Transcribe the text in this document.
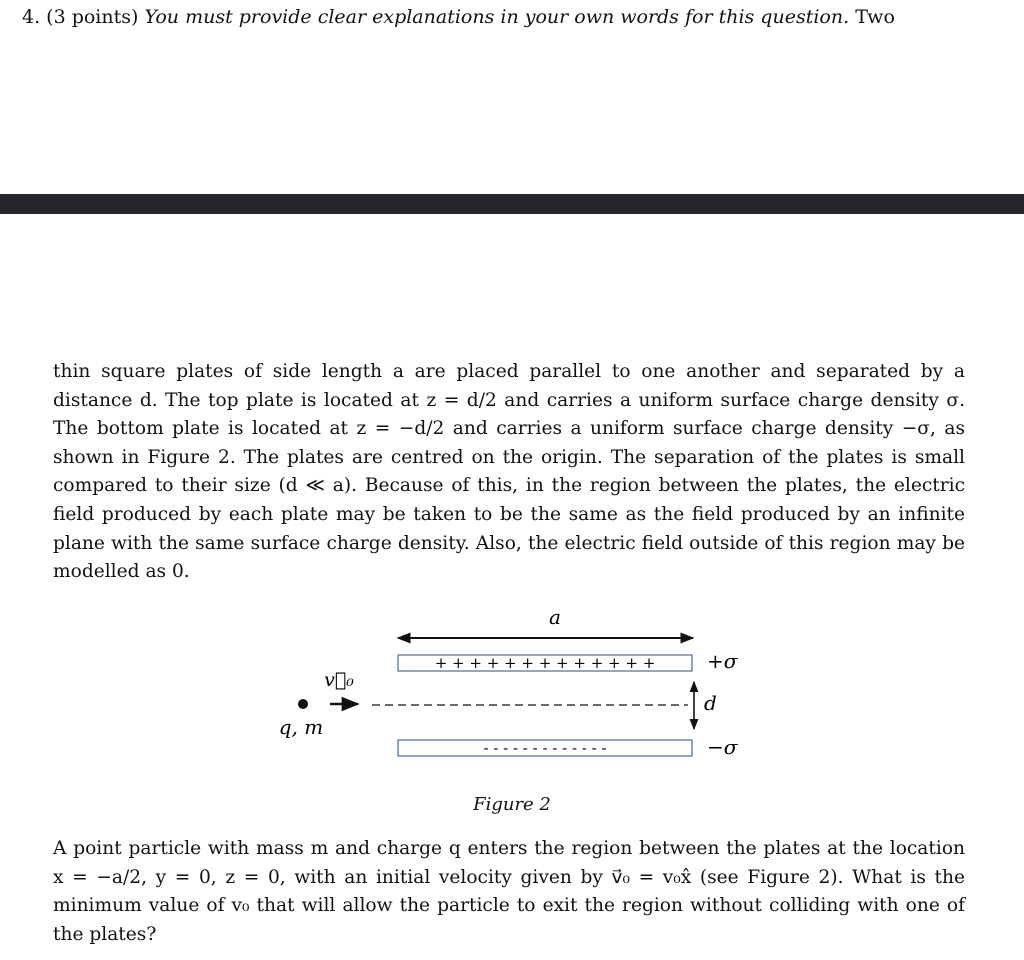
4. (3 points) You must provide clear explanations in your own words for this question. Two
thin square plates of side length a are placed parallel to one another and separated by a distance d. The top plate is located at z = d/2 and carries a uniform surface charge density σ. The bottom plate is located at z = −d/2 and carries a uniform surface charge density −σ, as shown in Figure 2. The plates are centred on the origin. The separation of the plates is small compared to their size (d ≪ a). Because of this, in the region between the plates, the electric field produced by each plate may be taken to be the same as the field produced by an infinite plane with the same surface charge density. Also, the electric field outside of this region may be modelled as 0.
a
+ + + + + + + + + + + + +	+σ
- - - - - - - - - - - - -	−σ
d
v⃗₀
q, m
Figure 2
A point particle with mass m and charge q enters the region between the plates at the location x = −a/2, y = 0, z = 0, with an initial velocity given by v⃗₀ = v₀x̂ (see Figure 2). What is the minimum value of v₀ that will allow the particle to exit the region without colliding with one of the plates?
